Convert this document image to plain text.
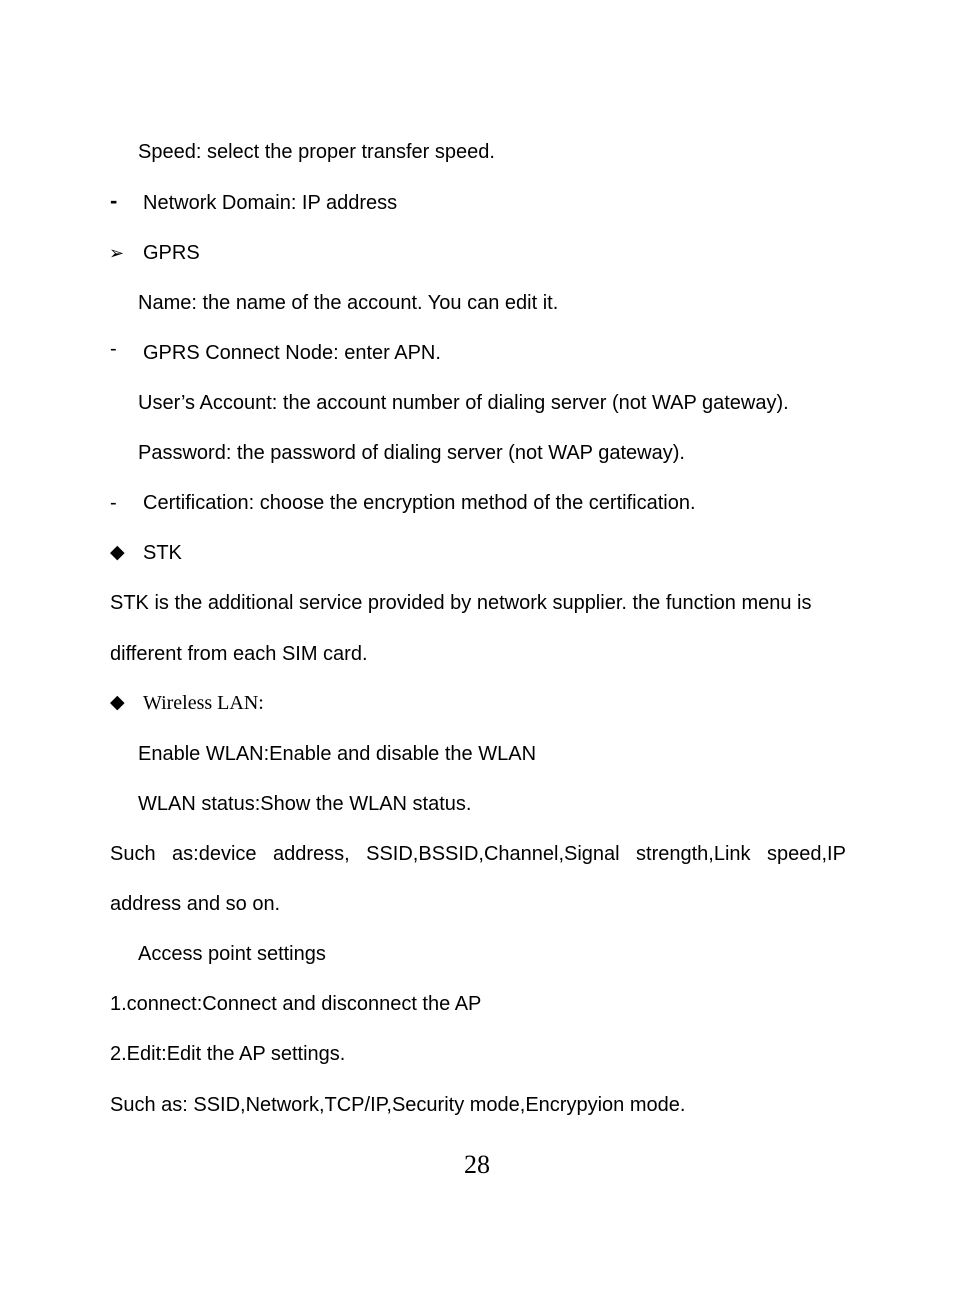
Speed: select the proper transfer speed.
- Network Domain: IP address
➢ GPRS
Name: the name of the account. You can edit it.
- GPRS Connect Node: enter APN.
User’s Account: the account number of dialing server (not WAP gateway).
Password: the password of dialing server (not WAP gateway).
- Certification: choose the encryption method of the certification.
◆ STK
STK is the additional service provided by network supplier. the function menu is
different from each SIM card.
◆ Wireless LAN:
Enable WLAN:Enable and disable the WLAN
WLAN status:Show the WLAN status.
Such as:device address, SSID,BSSID,Channel,Signal strength,Link speed,IP
address and so on.
Access point settings
1.connect:Connect and disconnect the AP
2.Edit:Edit the AP settings.
Such as: SSID,Network,TCP/IP,Security mode,Encrypyion mode.
28
